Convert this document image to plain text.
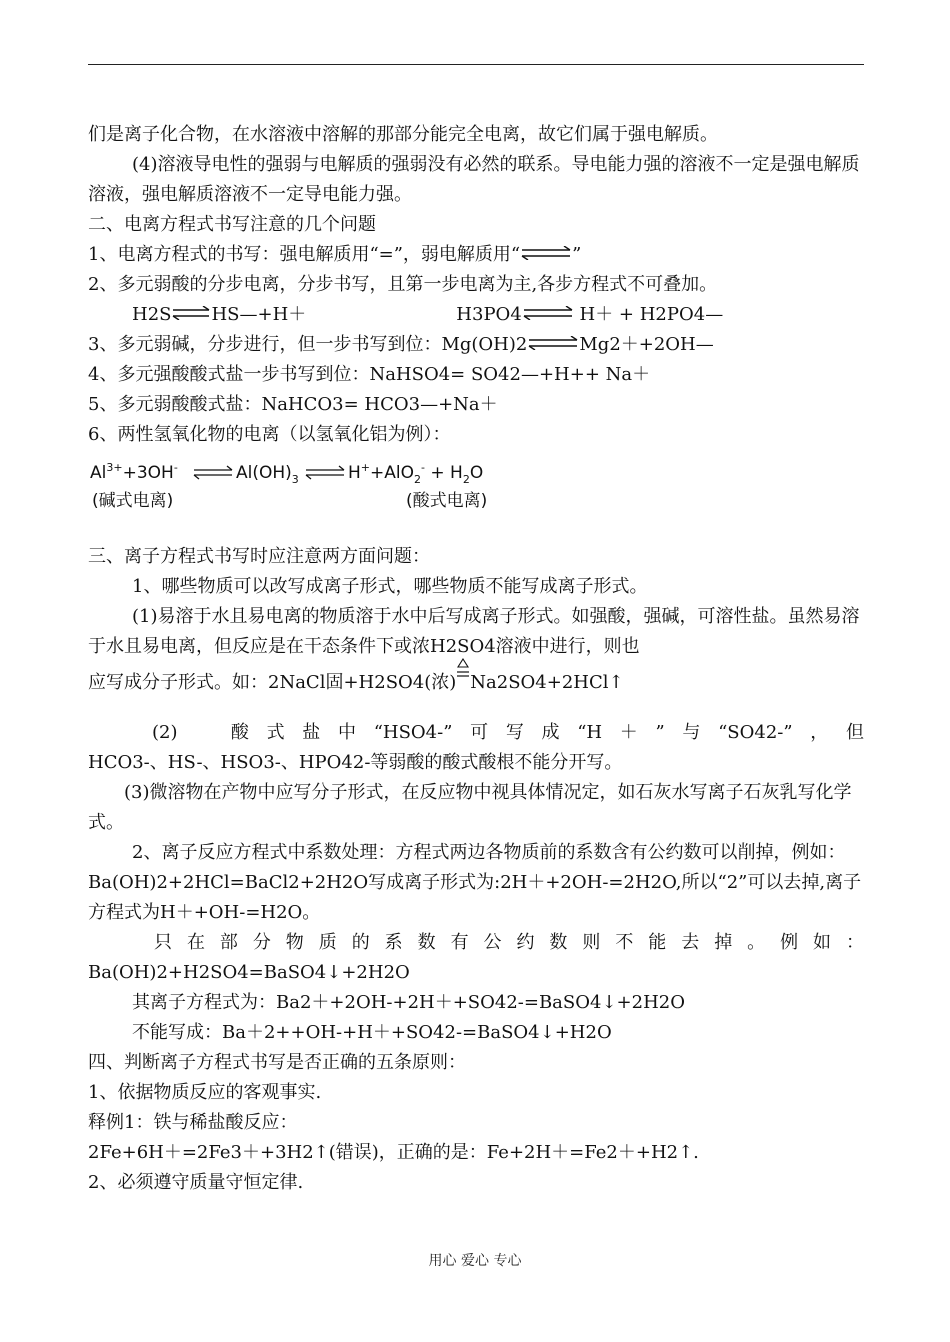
们是离子化合物，在水溶液中溶解的那部分能完全电离，故它们属于强电解质。

(4)溶液导电性的强弱与电解质的强弱没有必然的联系。导电能力强的溶液不一定是强电解质溶液，强电解质溶液不一定导电能力强。

二、电离方程式书写注意的几个问题

1、电离方程式的书写：强电解质用“=”，弱电解质用“⇌”

2、多元弱酸的分步电离，分步书写，且第一步电离为主,各步方程式不可叠加。

H2S⇌HS—+H＋	H3PO4⇌ H＋ + H2PO4—

3、多元弱碱，分步进行，但一步书写到位：Mg(OH)2⇌Mg2＋+2OH—

4、多元强酸酸式盐一步书写到位：NaHSO4= SO42—+H++ Na＋

5、多元弱酸酸式盐：NaHCO3= HCO3—+Na＋

6、两性氢氧化物的电离（以氢氧化铝为例）：

$Al^{3+}+3OH^-$	$Al(OH)_3$	$H^++AlO_2^- + H_2O$
(碱式电离)	(酸式电离)

三、离子方程式书写时应注意两方面问题：

1、哪些物质可以改写成离子形式，哪些物质不能写成离子形式。

(1)易溶于水且易电离的物质溶于水中后写成离子形式。如强酸，强碱，可溶性盐。虽然易溶于水且易电离，但反应是在干态条件下或浓H2SO4溶液中进行，则也

应写成分子形式。如：2NaCl固+H2SO4(浓) Na2SO4+2HCl↑

(2)　酸式盐中“HSO4-”可写成“H＋”与“SO42-”，但

HCO3-、HS-、HSO3-、HPO42-等弱酸的酸式酸根不能分开写。

(3)微溶物在产物中应写分子形式，在反应物中视具体情况定，如石灰水写离子石灰乳写化学式。

2、离子反应方程式中系数处理：方程式两边各物质前的系数含有公约数可以削掉，例如：

Ba(OH)2+2HCl=BaCl2+2H2O写成离子形式为:2H＋+2OH-=2H2O,所以“2”可以去掉,离子方程式为H＋+OH-=H2O。

只在部分物质的系数有公约数则不能去掉。例如：

Ba(OH)2+H2SO4=BaSO4↓+2H2O

其离子方程式为：Ba2＋+2OH-+2H＋+SO42-=BaSO4↓+2H2O

不能写成：Ba＋2++OH-+H＋+SO42-=BaSO4↓+H2O

四、判断离子方程式书写是否正确的五条原则：

1、依据物质反应的客观事实.

释例1：铁与稀盐酸反应：

2Fe+6H＋=2Fe3＋+3H2↑(错误)，正确的是：Fe+2H＋=Fe2＋+H2↑.

2、必须遵守质量守恒定律.

用心 爱心 专心
